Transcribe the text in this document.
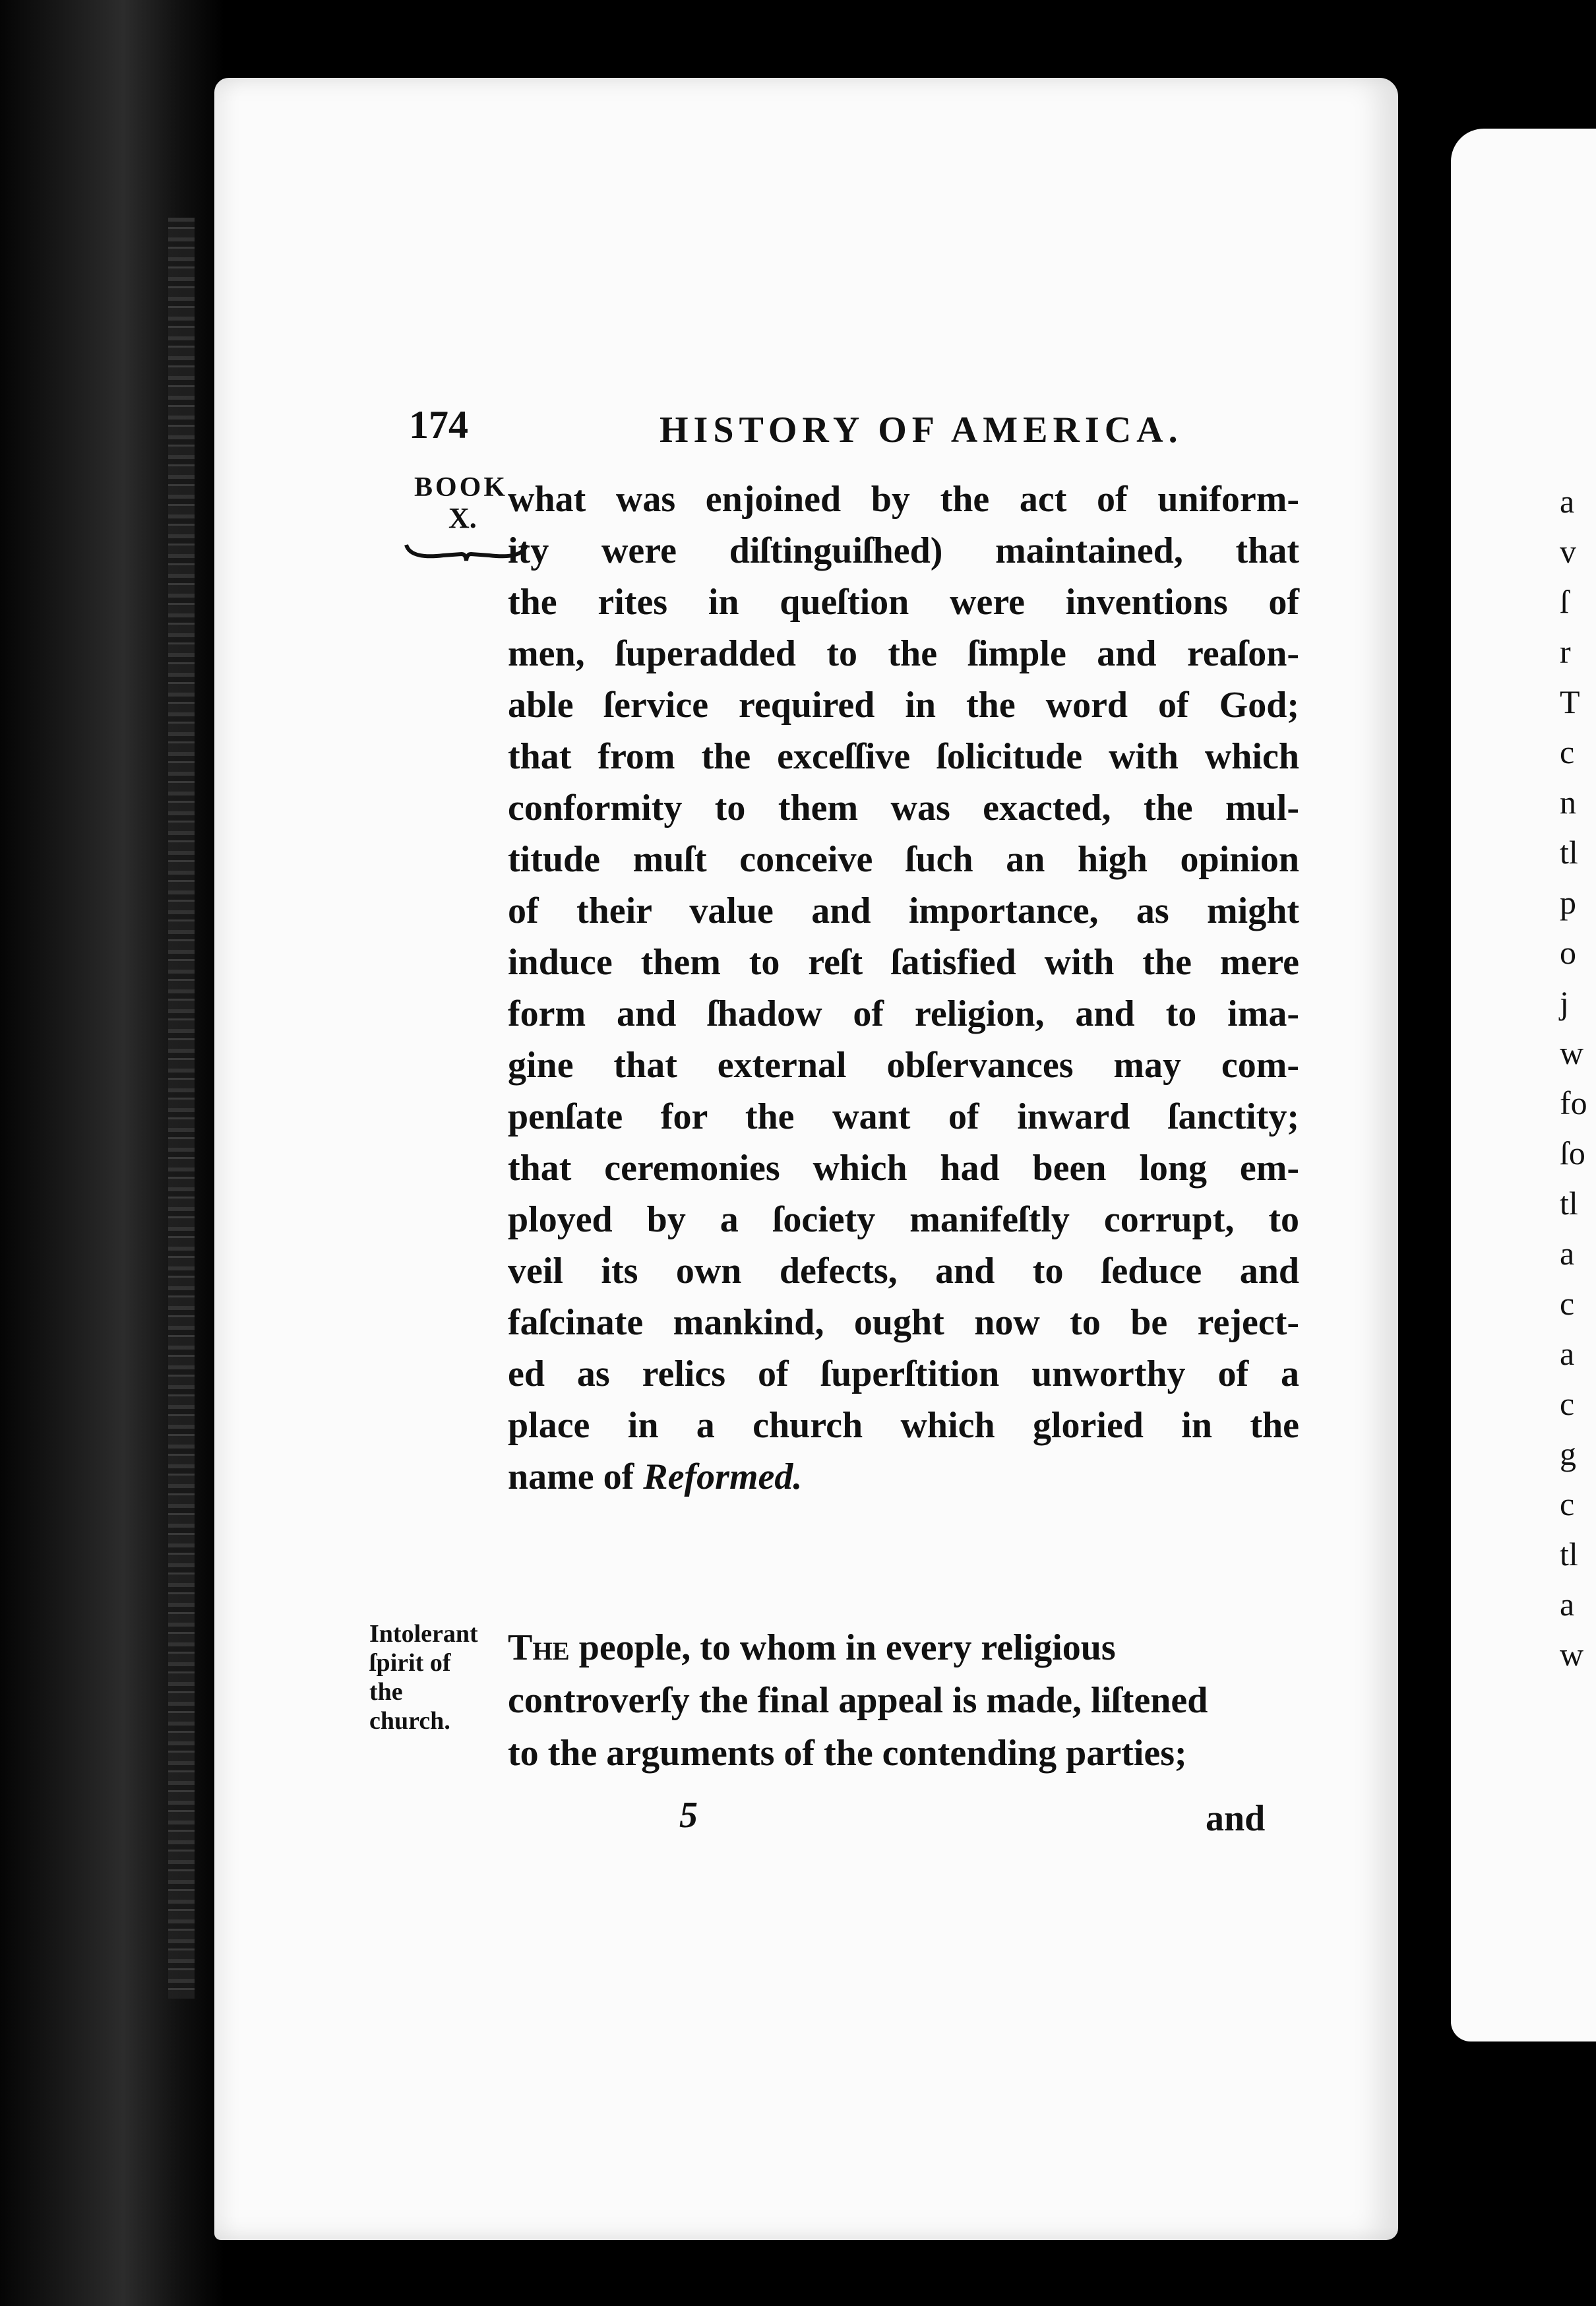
a
v
ſ
r
T
c
n
tl
p
o
j
w
fo
ſo
tl
a
c
a
c
g
c
tl
a
w
174	HISTORY OF AMERICA.
BOOK
X. what was enjoined by the act of uniform-
ity were diſtinguiſhed) maintained, that
the rites in queſtion were inventions of
men, ſuperadded to the ſimple and reaſon-
able ſervice required in the word of God;
that from the exceſſive ſolicitude with which
conformity to them was exacted, the mul-
titude muſt conceive ſuch an high opinion
of their value and importance, as might
induce them to reſt ſatisfied with the mere
form and ſhadow of religion, and to ima-
gine that external obſervances may com-
penſate for the want of inward ſanctity;
that ceremonies which had been long em-
ployed by a ſociety manifeſtly corrupt, to
veil its own defects, and to ſeduce and
faſcinate mankind, ought now to be reject-
ed as relics of ſuperſtition unworthy of a
place in a church which gloried in the
name of Reformed.
Intolerant
ſpirit of
the
church.
The people, to whom in every religious
controverſy the final appeal is made, liſtened
to the arguments of the contending parties;
5	and
